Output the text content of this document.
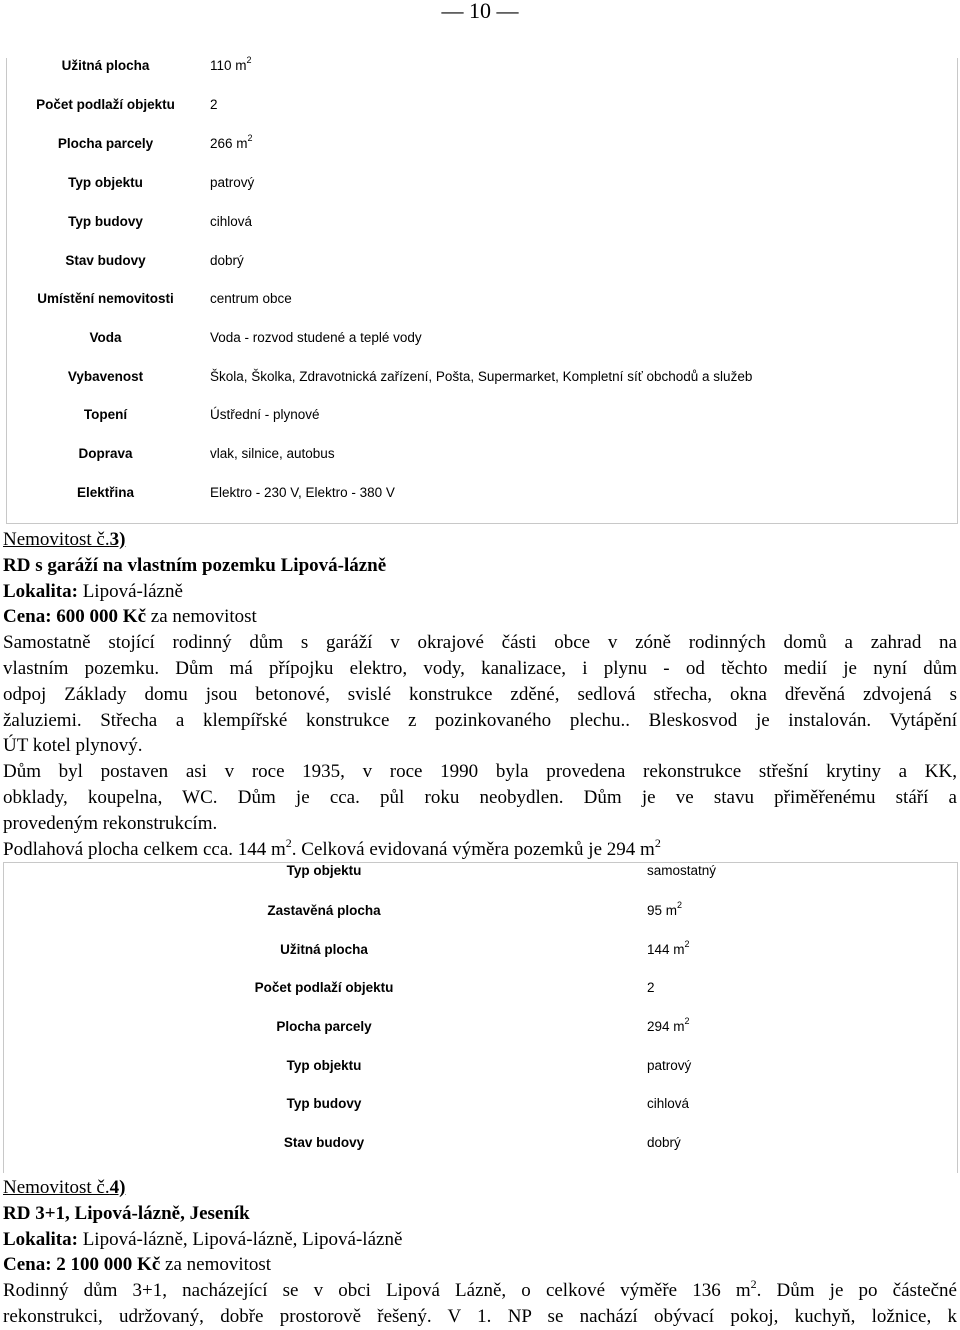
— 10 —
Užitná plocha	110 $m^2$
Počet podlaží objektu	2
Plocha parcely	266 $m^2$
Typ objektu	patrový
Typ budovy	cihlová
Stav budovy	dobrý
Umístění nemovitosti	centrum obce
Voda	Voda - rozvod studené a teplé vody
Vybavenost	Škola, Školka, Zdravotnická zařízení, Pošta, Supermarket, Kompletní síť obchodů a služeb
Topení	Ústřední - plynové
Doprava	vlak, silnice, autobus
Elektřina	Elektro - 230 V, Elektro - 380 V
Nemovitost č.3)
RD s garáží na vlastním pozemku Lipová-lázně
Lokalita: Lipová-lázně
Cena: 600 000 Kč za nemovitost
Samostatně stojící rodinný dům s garáží v okrajové části obce v zóně rodinných domů a zahrad na
vlastním pozemku. Dům má přípojku elektro, vody, kanalizace, i plynu - od těchto medií je nyní dům
odpoj Základy domu jsou betonové, svislé konstrukce zděné, sedlová střecha, okna dřevěná zdvojená s
žaluziemi. Střecha a klempířské konstrukce z pozinkovaného plechu.. Bleskosvod je instalován. Vytápění
ÚT kotel plynový.
Dům byl postaven asi v roce 1935, v roce 1990 byla provedena rekonstrukce střešní krytiny a KK,
obklady, koupelna, WC. Dům je cca. půl roku neobydlen. Dům je ve stavu přiměřenému stáří a
provedeným rekonstrukcím.
Podlahová plocha celkem cca. 144 $m^2$. Celková evidovaná výměra pozemků je 294 $m^2$
Typ objektu	samostatný
Zastavěná plocha	95 $m^2$
Užitná plocha	144 $m^2$
Počet podlaží objektu	2
Plocha parcely	294 $m^2$
Typ objektu	patrový
Typ budovy	cihlová
Stav budovy	dobrý
Nemovitost č.4)
RD 3+1, Lipová-lázně, Jeseník
Lokalita: Lipová-lázně, Lipová-lázně, Lipová-lázně
Cena: 2 100 000 Kč za nemovitost
Rodinný dům 3+1, nacházející se v obci Lipová Lázně, o celkové výměře 136 $m^2$. Dům je po částečné
rekonstrukci, udržovaný, dobře prostorově řešený. V 1. NP se nachází obývací pokoj, kuchyň, ložnice, k
